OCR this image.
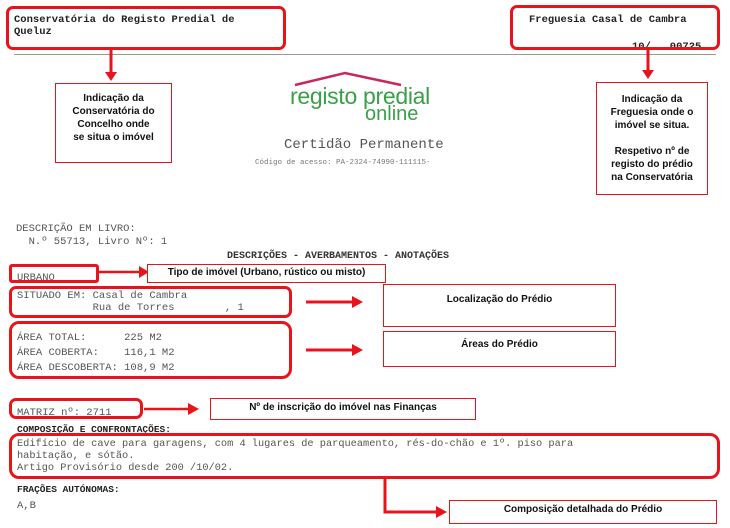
Conservatória do Registo Predial de
Queluz
Freguesia Casal de Cambra
10/   00725
Indicação da
Conservatória do
Concelho onde
se situa o imóvel
Indicação da
Freguesia onde o
imóvel se situa.

Respetivo nº de
registo do prédio
na Conservatória
registo predial
online
Certidão Permanente
Código de acesso: PA-2324-74990-111115-
DESCRIÇÃO EM LIVRO:
N.º 55713, Livro Nº: 1
DESCRIÇÕES - AVERBAMENTOS - ANOTAÇÕES
URBANO	Tipo de imóvel (Urbano, rústico ou misto)
SITUADO EM: Casal de Cambra
Rua de Torres        , 1
Localização do Prédio
ÁREA TOTAL:      225 M2
ÁREA COBERTA:    116,1 M2
ÁREA DESCOBERTA: 108,9 M2
Áreas do Prédio
MATRIZ nº: 2711	Nº de inscrição do imóvel nas Finanças
COMPOSIÇÃO E CONFRONTAÇÕES:
Edifício de cave para garagens, com 4 lugares de parqueamento, rés-do-chão e 1º. piso para
habitação, e sótão.
Artigo Provisório desde 200 /10/02.
FRAÇÕES AUTÓNOMAS:
A,B	Composição detalhada do Prédio
